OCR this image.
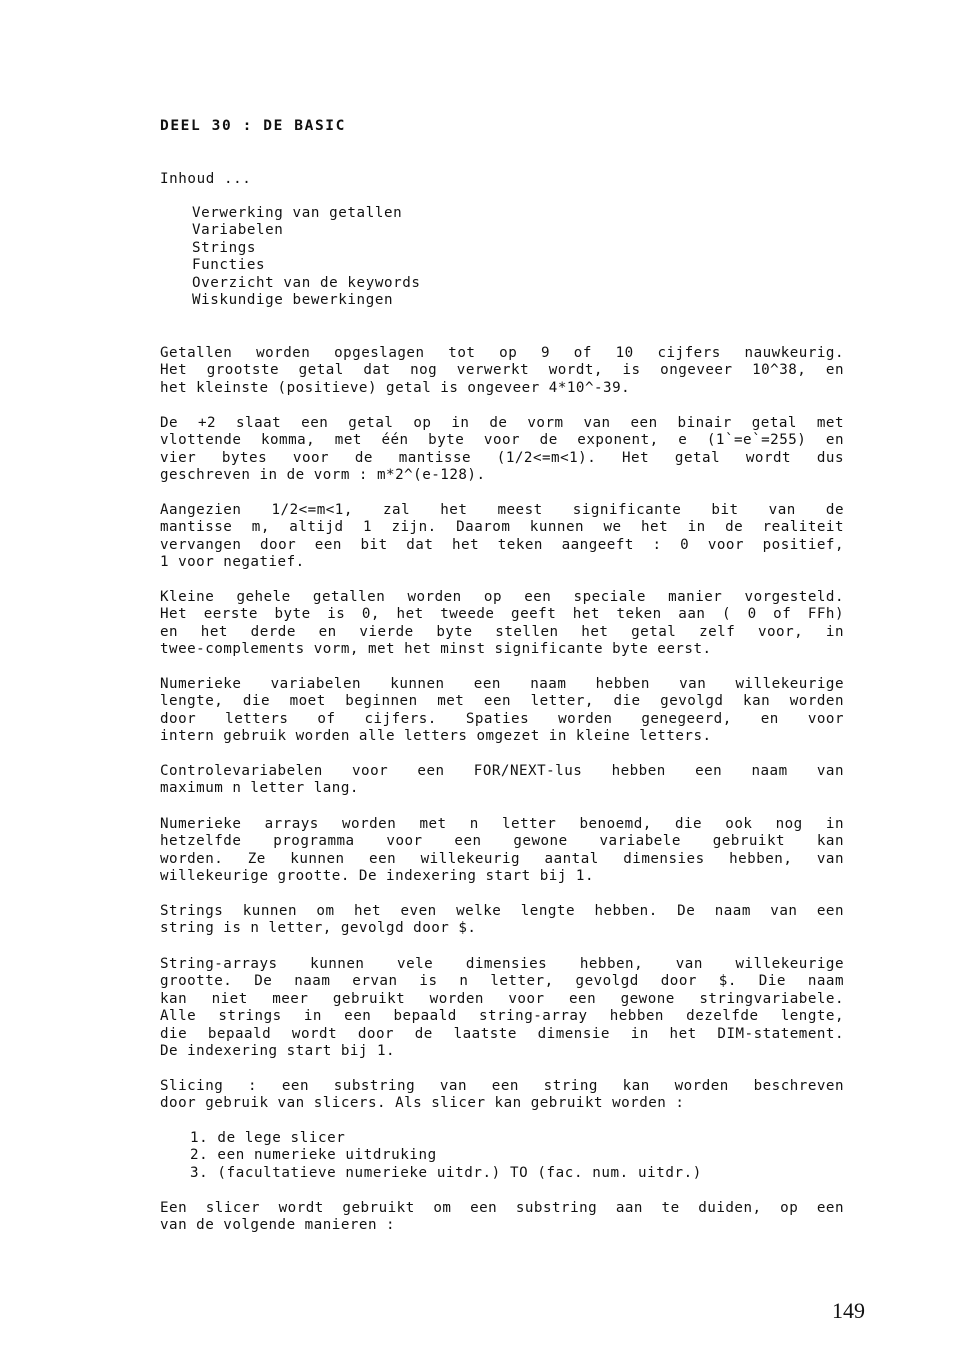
DEEL 30 : DE BASIC
Inhoud ...
Verwerking van getallen
Variabelen
Strings
Functies
Overzicht van de keywords
Wiskundige bewerkingen
Getallen worden opgeslagen tot op 9 of 10 cijfers nauwkeurig.
Het grootste getal dat nog verwerkt wordt, is ongeveer 10^38, en
het kleinste (positieve) getal is ongeveer 4*10^-39.
De +2 slaat een getal op in de vorm van een binair getal met
vlottende komma, met één byte voor de exponent, e (1`=e`=255) en
vier bytes voor de mantisse (1/2<=m<1). Het getal wordt dus
geschreven in de vorm : m*2^(e-128).
Aangezien 1/2<=m<1, zal het meest significante bit van de
mantisse m, altijd 1 zijn. Daarom kunnen we het in de realiteit
vervangen door een bit dat het teken aangeeft : 0 voor positief,
1 voor negatief.
Kleine gehele getallen worden op een speciale manier vorgesteld.
Het eerste byte is 0, het tweede geeft het teken aan ( 0 of FFh)
en het derde en vierde byte stellen het getal zelf voor, in
twee-complements vorm, met het minst significante byte eerst.
Numerieke variabelen kunnen een naam hebben van willekeurige
lengte, die moet beginnen met een letter, die gevolgd kan worden
door letters of cijfers. Spaties worden genegeerd, en voor
intern gebruik worden alle letters omgezet in kleine letters.
Controlevariabelen voor een FOR/NEXT-lus hebben een naam van
maximum n letter lang.
Numerieke arrays worden met n letter benoemd, die ook nog in
hetzelfde programma voor een gewone variabele gebruikt kan
worden. Ze kunnen een willekeurig aantal dimensies hebben, van
willekeurige grootte. De indexering start bij 1.
Strings kunnen om het even welke lengte hebben. De naam van een
string is n letter, gevolgd door $.
String-arrays kunnen vele dimensies hebben, van willekeurige
grootte. De naam ervan is n letter, gevolgd door $. Die naam
kan niet meer gebruikt worden voor een gewone stringvariabele.
Alle strings in een bepaald string-array hebben dezelfde lengte,
die bepaald wordt door de laatste dimensie in het DIM-statement.
De indexering start bij 1.
Slicing : een substring van een string kan worden beschreven
door gebruik van slicers. Als slicer kan gebruikt worden :
1. de lege slicer
2. een numerieke uitdruking
3. (facultatieve numerieke uitdr.) TO (fac. num. uitdr.)
Een slicer wordt gebruikt om een substring aan te duiden, op een
van de volgende manieren :
149
